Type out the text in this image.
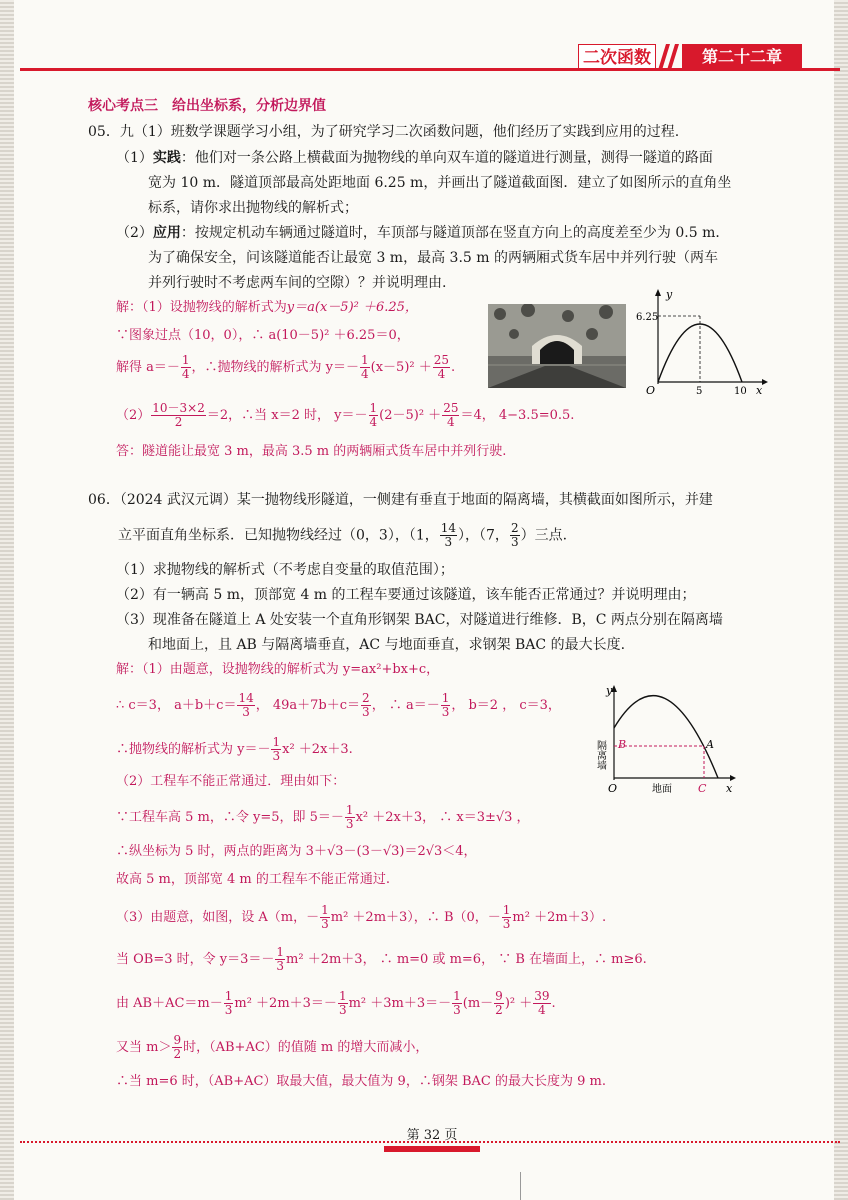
二次函数	第二十二章
核心考点三　给出坐标系，分析边界值
05．九（1）班数学课题学习小组，为了研究学习二次函数问题，他们经历了实践到应用的过程.
（1）实践：他们对一条公路上横截面为抛物线的单向双车道的隧道进行测量，测得一隧道的路面
宽为 10 m．隧道顶部最高处距地面 6.25 m，并画出了隧道截面图．建立了如图所示的直角坐
标系，请你求出抛物线的解析式；
（2）应用：按规定机动车辆通过隧道时，车顶部与隧道顶部在竖直方向上的高度差至少为 0.5 m．
为了确保安全，问该隧道能否让最宽 3 m，最高 3.5 m 的两辆厢式货车居中并列行驶（两车
并列行驶时不考虑两车间的空隙）？并说明理由.
解：（1）设抛物线的解析式为y＝a(x－5)² ＋6.25，
∵图象过点（10，0），∴ a(10－5)² ＋6.25＝0，
解得 $a=- \frac{1}{4}$ ，∴抛物线的解析式为 $y=- \frac{1}{4} (x-5)^2 + \frac{25}{4}$ .
$(2) \frac{10-3\times 2}{2} =2$，∴当 x＝2 时， $y=- \frac{1}{4} (2-5)^2 + \frac{25}{4} =4$， 4−3.5=0.5.
答：隧道能让最宽 3 m，最高 3.5 m 的两辆厢式货车居中并列行驶.
y
x
O
6.25
5	10
06．（2024 武汉元调）某一抛物线形隧道，一侧建有垂直于地面的隔离墙，其横截面如图所示，并建
立平面直角坐标系．已知抛物线经过（0，3），（1， $\frac{14}{3}$ ），（7， $\frac{2}{3}$ ）三点.
（1）求抛物线的解析式（不考虑自变量的取值范围）；
（2）有一辆高 5 m，顶部宽 4 m 的工程车要通过该隧道，该车能否正常通过？并说明理由；
（3）现准备在隧道上 A 处安装一个直角形钢架 BAC，对隧道进行维修．B，C 两点分别在隔离墙
和地面上，且 AB 与隔离墙垂直，AC 与地面垂直，求钢架 BAC 的最大长度.
解：（1）由题意，设抛物线的解析式为 y=ax²+bx+c，
∴ c＝3， $a+b+c= \frac{14}{3}$ ， $49a+7b+c= \frac{2}{3}$ ， ∴ $a=- \frac{1}{3}$ ， b＝2 ， c＝3，
∴抛物线的解析式为 $y=- \frac{1}{3} x^2 +2x+3$.
（2）工程车不能正常通过．理由如下：
∵工程车高 5 m，∴令 y=5，即 $5=- \frac{1}{3} x^2 +2x+3$， ∴ x＝3±√3 ，
∴纵坐标为 5 时，两点的距离为 3＋√3－(3－√3)＝2√3＜4，
故高 5 m，顶部宽 4 m 的工程车不能正常通过.
（3）由题意，如图，设 A（m，－ $\frac{1}{3} m^2 +2m+3$），∴ B（0，－ $\frac{1}{3} m^2 +2m+3$）.
当 OB=3 时，令 $y=3=- \frac{1}{3} m^2 +2m+3$， ∴ m=0 或 m=6， ∵ B 在墙面上，∴ m≥6.
由 $AB+AC=m- \frac{1}{3} m^2 +2m+3=- \frac{1}{3} m^2 +3m+3=- \frac{1}{3} (m- \frac{9}{2} )^2 + \frac{39}{4}$ .
又当 $m> \frac{9}{2}$ 时，（AB+AC）的值随 m 的增大而减小，
∴当 m=6 时，（AB+AC）取最大值，最大值为 9，∴钢架 BAC 的最大长度为 9 m.
y
x
O
B	A
C
地面
隔离墙
第 32 页
